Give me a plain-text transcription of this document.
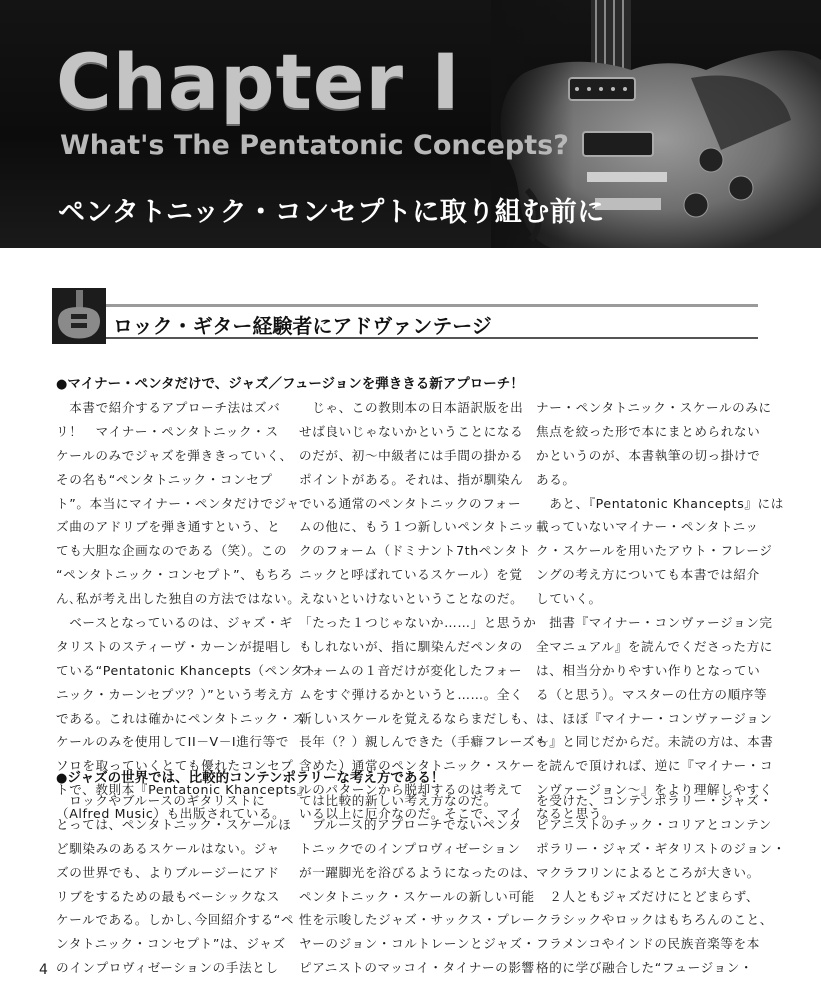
Chapter I
What's The Pentatonic Concepts?

ペンタトニック・コンセプトに取り組む前に

ロック・ギター経験者にアドヴァンテージ

●マイナー・ペンタだけで、ジャズ／フュージョンを弾ききる新アプローチ！

　本書で紹介するアプローチ法はズバ
リ！　マイナー・ペンタトニック・ス
ケールのみでジャズを弾ききっていく、
その名も“ペンタトニック・コンセプ
ト”。本当にマイナー・ペンタだけでジャ
ズ曲のアドリブを弾き通すという、と
ても大胆な企画なのである（笑）。この
“ペンタトニック・コンセプト”、もちろ
ん､私が考え出した独自の方法ではない。
　ベースとなっているのは、ジャズ・ギ
タリストのスティーヴ・カーンが提唱し
ている“Pentatonic Khancepts（ペンタト
ニック・カーンセプツ？）”という考え方
である。これは確かにペンタトニック・ス
ケールのみを使用してII－V－I進行等で
ソロを取っていくとても優れたコンセプ
トで、教則本『Pentatonic Khancepts』
（Alfred Music）も出版されている。
　じゃ、この教則本の日本語訳版を出
せば良いじゃないかということになる
のだが、初～中級者には手間の掛かる
ポイントがある。それは、指が馴染ん
でいる通常のペンタトニックのフォー
ムの他に、もう１つ新しいペンタトニッ
クのフォーム（ドミナント7thペンタト
ニックと呼ばれているスケール）を覚
えないといけないということなのだ。
「たった１つじゃないか……」と思うか
もしれないが、指に馴染んだペンタの
フォームの１音だけが変化したフォー
ムをすぐ弾けるかというと……。全く
新しいスケールを覚えるならまだしも、
長年（？）親しんできた（手癖フレーズも
含めた）通常のペンタトニック・スケー
ルのパターンから脱却するのは考えて
いる以上に厄介なのだ。そこで、マイ
ナー・ペンタトニック・スケールのみに
焦点を絞った形で本にまとめられない
かというのが、本書執筆の切っ掛けで
ある。
　あと、『Pentatonic Khancepts』には
載っていないマイナー・ペンタトニッ
ク・スケールを用いたアウト・フレージ
ングの考え方についても本書では紹介
していく。
　拙書『マイナー・コンヴァージョン完
全マニュアル』を読んでくださった方に
は、相当分かりやすい作りとなってい
る（と思う）。マスターの仕方の順序等
は、ほぼ『マイナー・コンヴァージョン
～』と同じだからだ。未読の方は、本書
を読んで頂ければ、逆に『マイナー・コ
ンヴァージョン～』をより理解しやすく
なると思う。

●ジャズの世界では、比較的コンテンポラリーな考え方である！

　ロックやブルースのギタリストに
とっては、ペンタトニック・スケールほ
ど馴染みのあるスケールはない。ジャ
ズの世界でも、よりブルージーにアド
リブをするための最もベーシックなス
ケールである。しかし､今回紹介する“ペ
ンタトニック・コンセプト”は、ジャズ
のインプロヴィゼーションの手法とし
ては比較的新しい考え方なのだ。
　ブルース的アプローチでないペンタ
トニックでのインプロヴィゼーション
が一躍脚光を浴びるようになったのは、
ペンタトニック・スケールの新しい可能
性を示唆したジャズ・サックス・プレー
ヤーのジョン・コルトレーンとジャズ・
ピアニストのマッコイ・タイナーの影響
を受けた、コンテンポラリー・ジャズ・
ピアニストのチック・コリアとコンテン
ポラリー・ジャズ・ギタリストのジョン・
マクラフリンによるところが大きい。
　２人ともジャズだけにとどまらず、
クラシックやロックはもちろんのこと、
フラメンコやインドの民族音楽等を本
格的に学び融合した“フュージョン・

4
